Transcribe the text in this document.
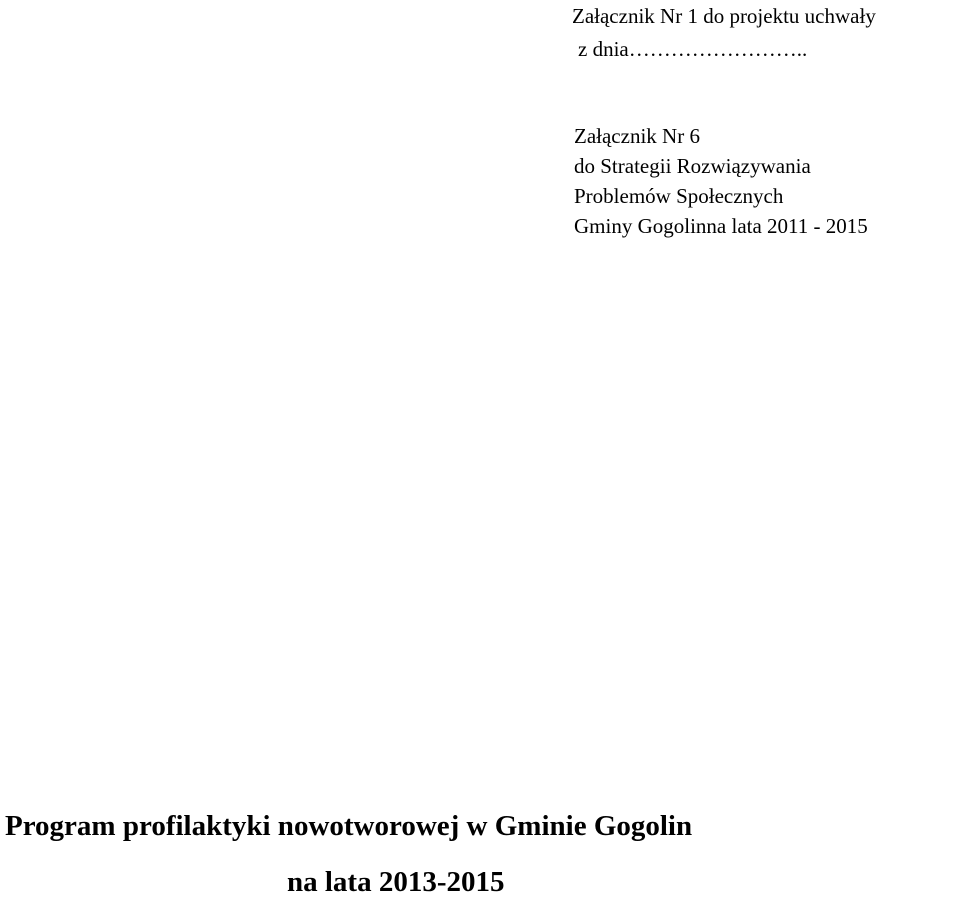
Załącznik Nr 1 do projektu uchwały
z dnia……………………..
Załącznik Nr 6
do Strategii Rozwiązywania
Problemów Społecznych
Gminy Gogolinna lata 2011 - 2015
Program profilaktyki nowotworowej w Gminie Gogolin
na lata 2013-2015
